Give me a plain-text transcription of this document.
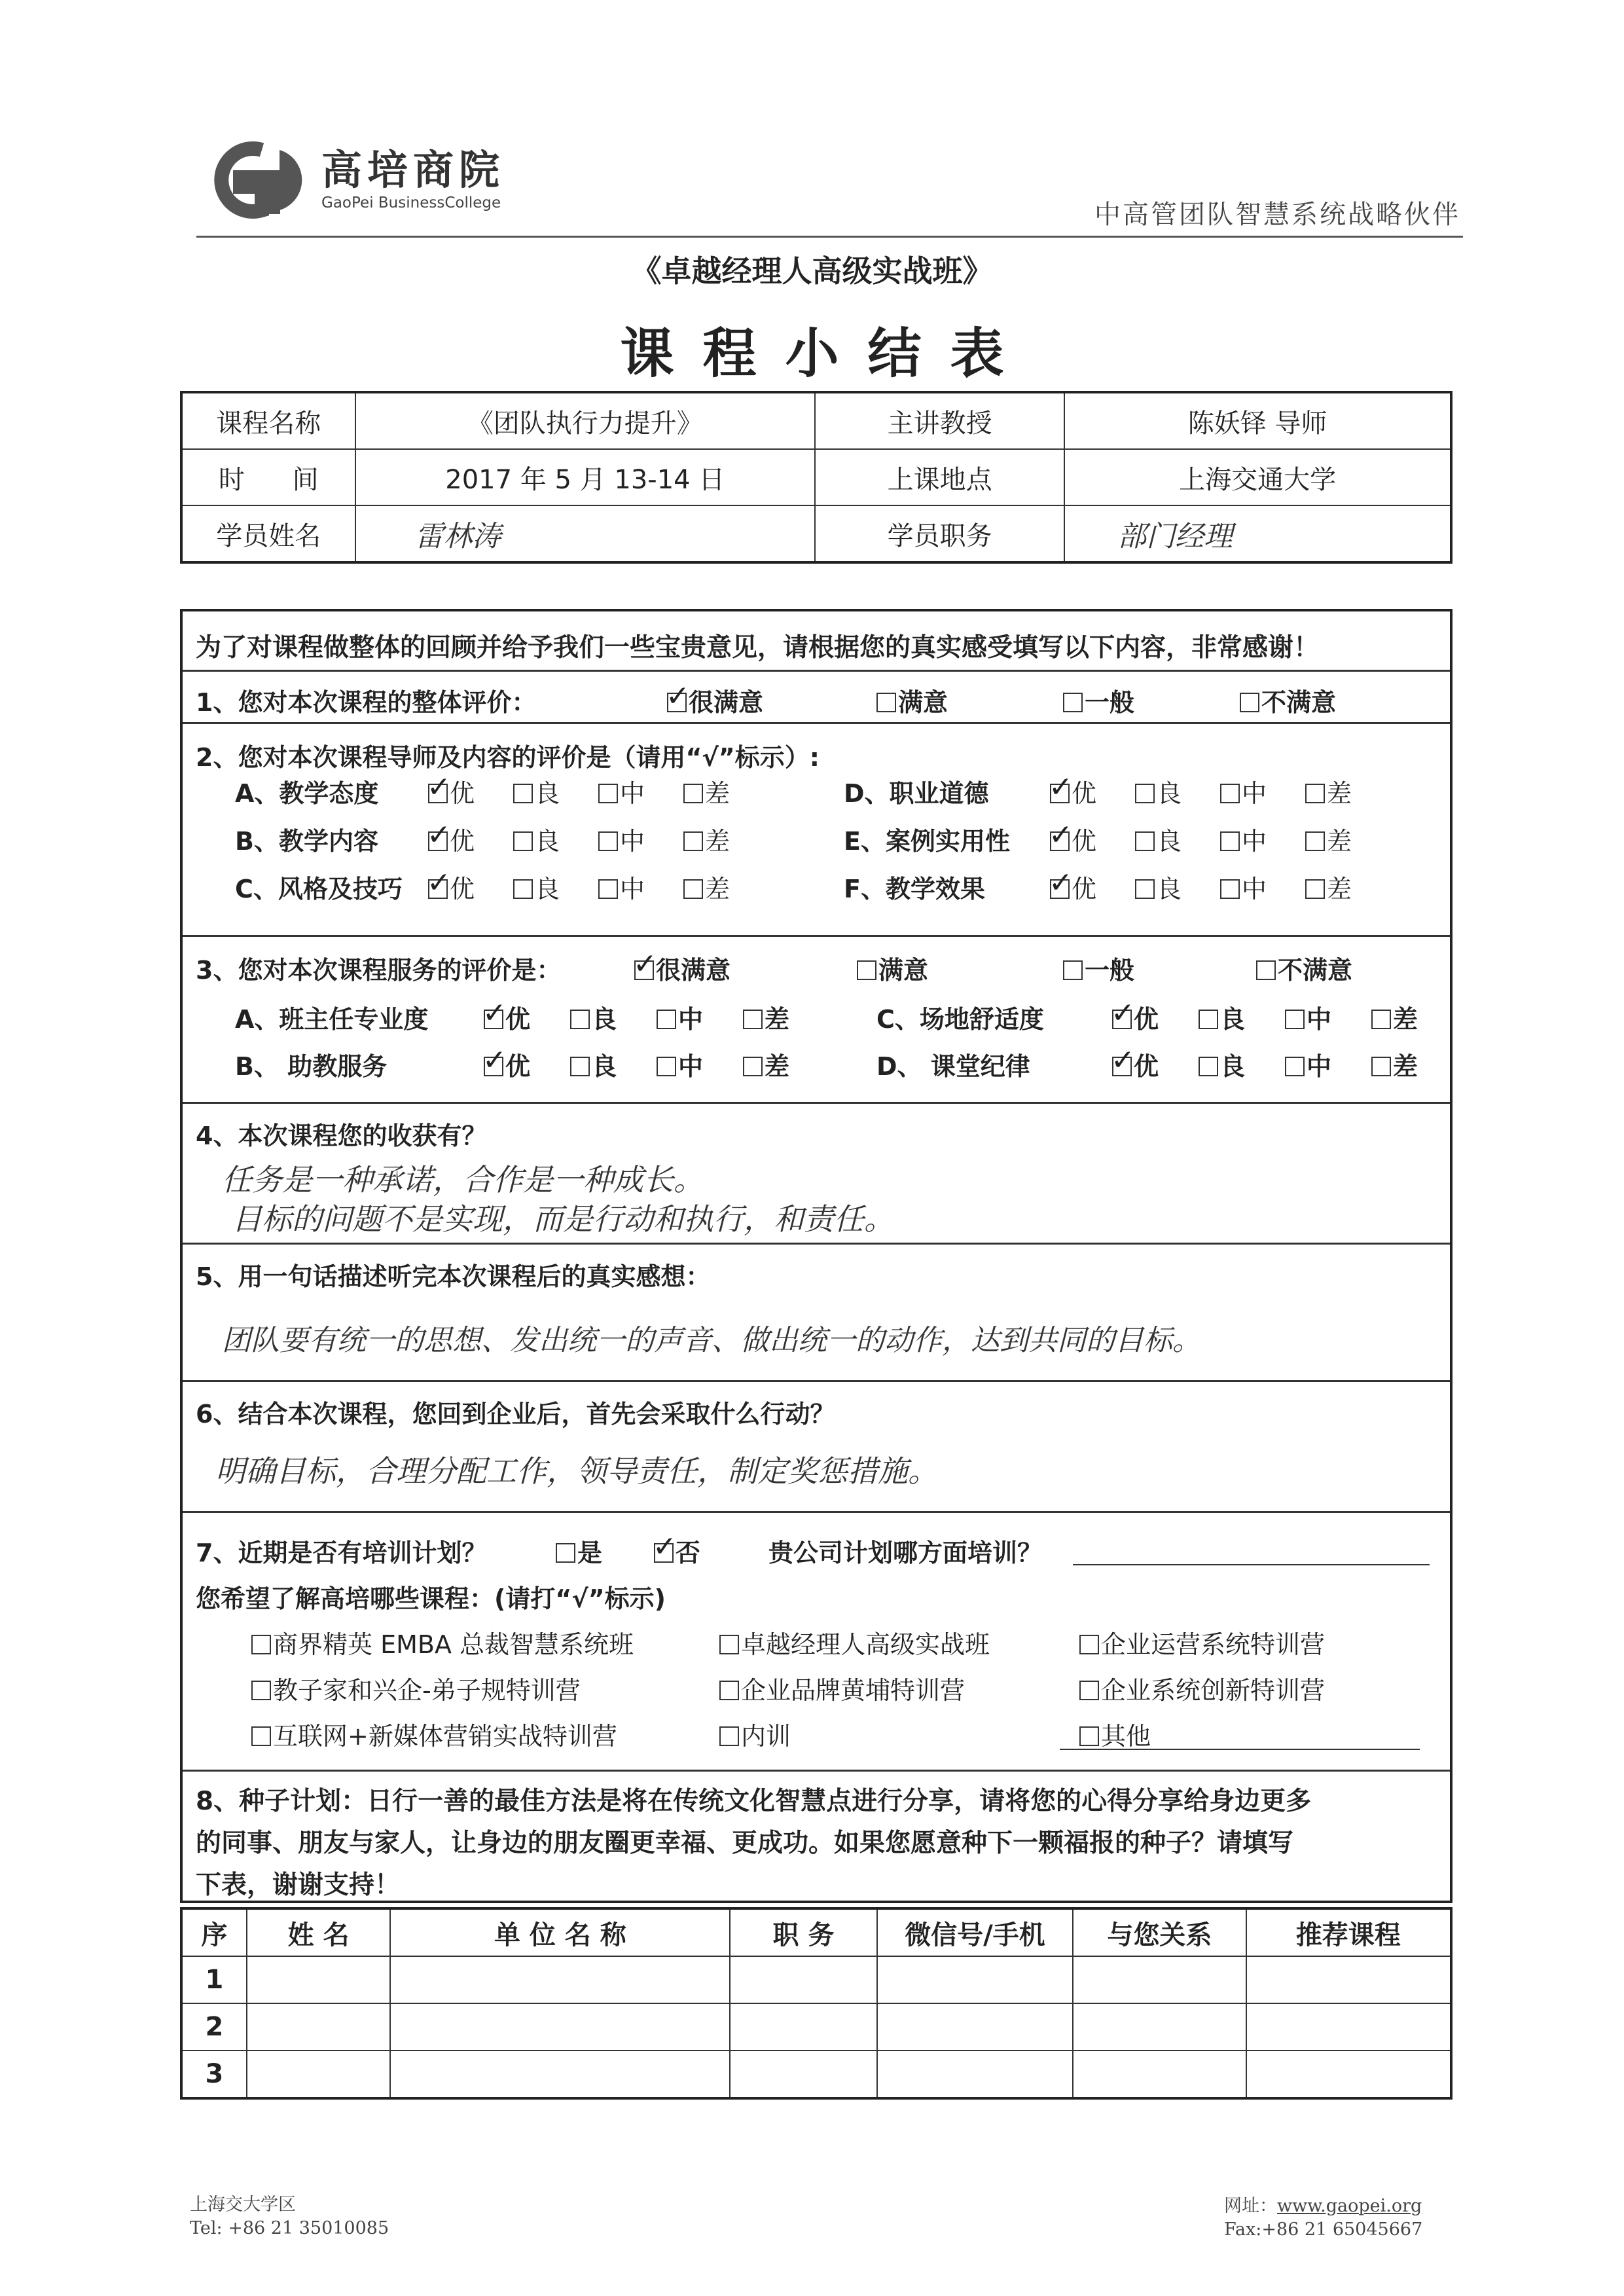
高培商院
GaoPei BusinessCollege	中高管团队智慧系统战略伙伴
《卓越经理人高级实战班》
课程小结表
课程名称	《团队执行力提升》	主讲教授	陈妖铎 导师
时 间	2017 年 5 月 13-14 日	上课地点	上海交通大学
学员姓名	雷林涛	学员职务	部门经理
为了对课程做整体的回顾并给予我们一些宝贵意见，请根据您的真实感受填写以下内容，非常感谢！
1、您对本次课程的整体评价： ✓	很满意	满意	一般	不满意
2、您对本次课程导师及内容的评价是（请用“√”标示）:
A、教学态度 ✓	优	良	中	差
B、教学内容 ✓	优	良	中	差
C、风格及技巧 ✓	优	良	中	差
D、职业道德 ✓	优	良	中	差
E、案例实用性 ✓	优	良	中	差
F、教学效果 ✓	优	良	中	差
3、您对本次课程服务的评价是： ✓	很满意	满意	一般	不满意
A、班主任专业度 ✓	优	良	中	差
B、 助教服务 ✓	优	良	中	差
C、场地舒适度 ✓	优	良	中	差
D、 课堂纪律 ✓	优	良	中	差
4、本次课程您的收获有？
任务是一种承诺，合作是一种成长。
目标的问题不是实现，而是行动和执行，和责任。
5、用一句话描述听完本次课程后的真实感想：
团队要有统一的思想、发出统一的声音、做出统一的动作，达到共同的目标。
6、结合本次课程，您回到企业后，首先会采取什么行动？
明确目标，合理分配工作，领导责任，制定奖惩措施。
7、近期是否有培训计划？	是 ✓	否	贵公司计划哪方面培训？
您希望了解高培哪些课程：(请打“√”标示)
商界精英 EMBA 总裁智慧系统班	卓越经理人高级实战班	企业运营系统特训营
教子家和兴企-弟子规特训营	企业品牌黄埔特训营	企业系统创新特训营
互联网+新媒体营销实战特训营	内训	其他
8、种子计划：日行一善的最佳方法是将在传统文化智慧点进行分享，请将您的心得分享给身边更多
的同事、朋友与家人，让身边的朋友圈更幸福、更成功。如果您愿意种下一颗福报的种子？请填写
下表，谢谢支持！
序	姓 名	单 位 名 称	职 务	微信号/手机	与您关系	推荐课程
1						
2						
3						
上海交大学区
Tel: +86 21 35010085
网址：www.gaopei.org
Fax:+86 21 65045667
